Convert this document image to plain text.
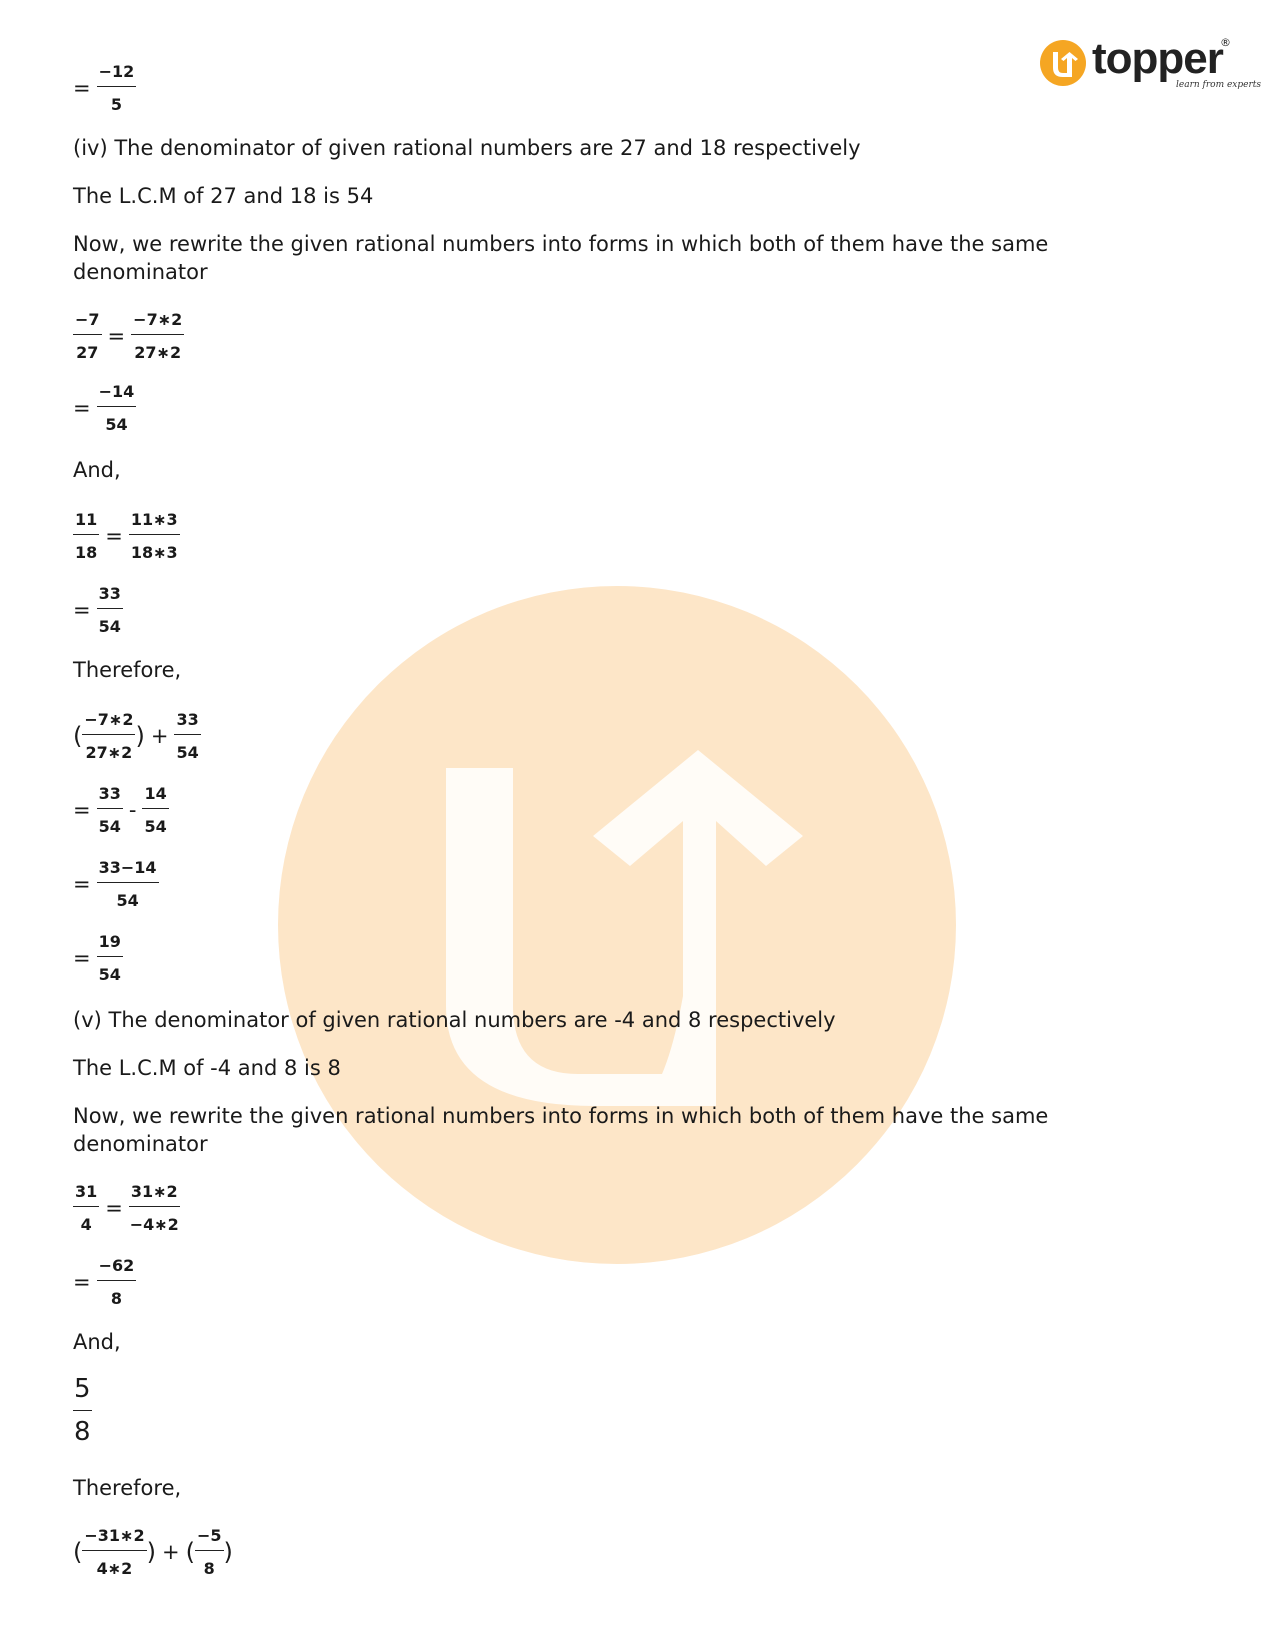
topper
®
learn from experts
= $\frac{-12}{5}$
(iv) The denominator of given rational numbers are 27 and 18 respectively
The L.C.M of 27 and 18 is 54
Now, we rewrite the given rational numbers into forms in which both of them have the same denominator
$\frac{-7}{27} = \frac{-7∗2}{27∗2}$
= $\frac{-14}{54}$
And,
$\frac{11}{18} = \frac{11∗3}{18∗3}$
= $\frac{33}{54}$
Therefore,
( $\frac{-7∗2}{27∗2}$ ) + $\frac{33}{54}$
= $\frac{33}{54} - \frac{14}{54}$
= $\frac{33-14}{54}$
= $\frac{19}{54}$
(v) The denominator of given rational numbers are -4 and 8 respectively
The L.C.M of -4 and 8 is 8
Now, we rewrite the given rational numbers into forms in which both of them have the same denominator
$\frac{31}{4} = \frac{31∗2}{-4∗2}$
= $\frac{-62}{8}$
And,
$\frac{5}{8}$
Therefore,
( $\frac{-31∗2}{4∗2}$ ) + ( $\frac{-5}{8}$ )
